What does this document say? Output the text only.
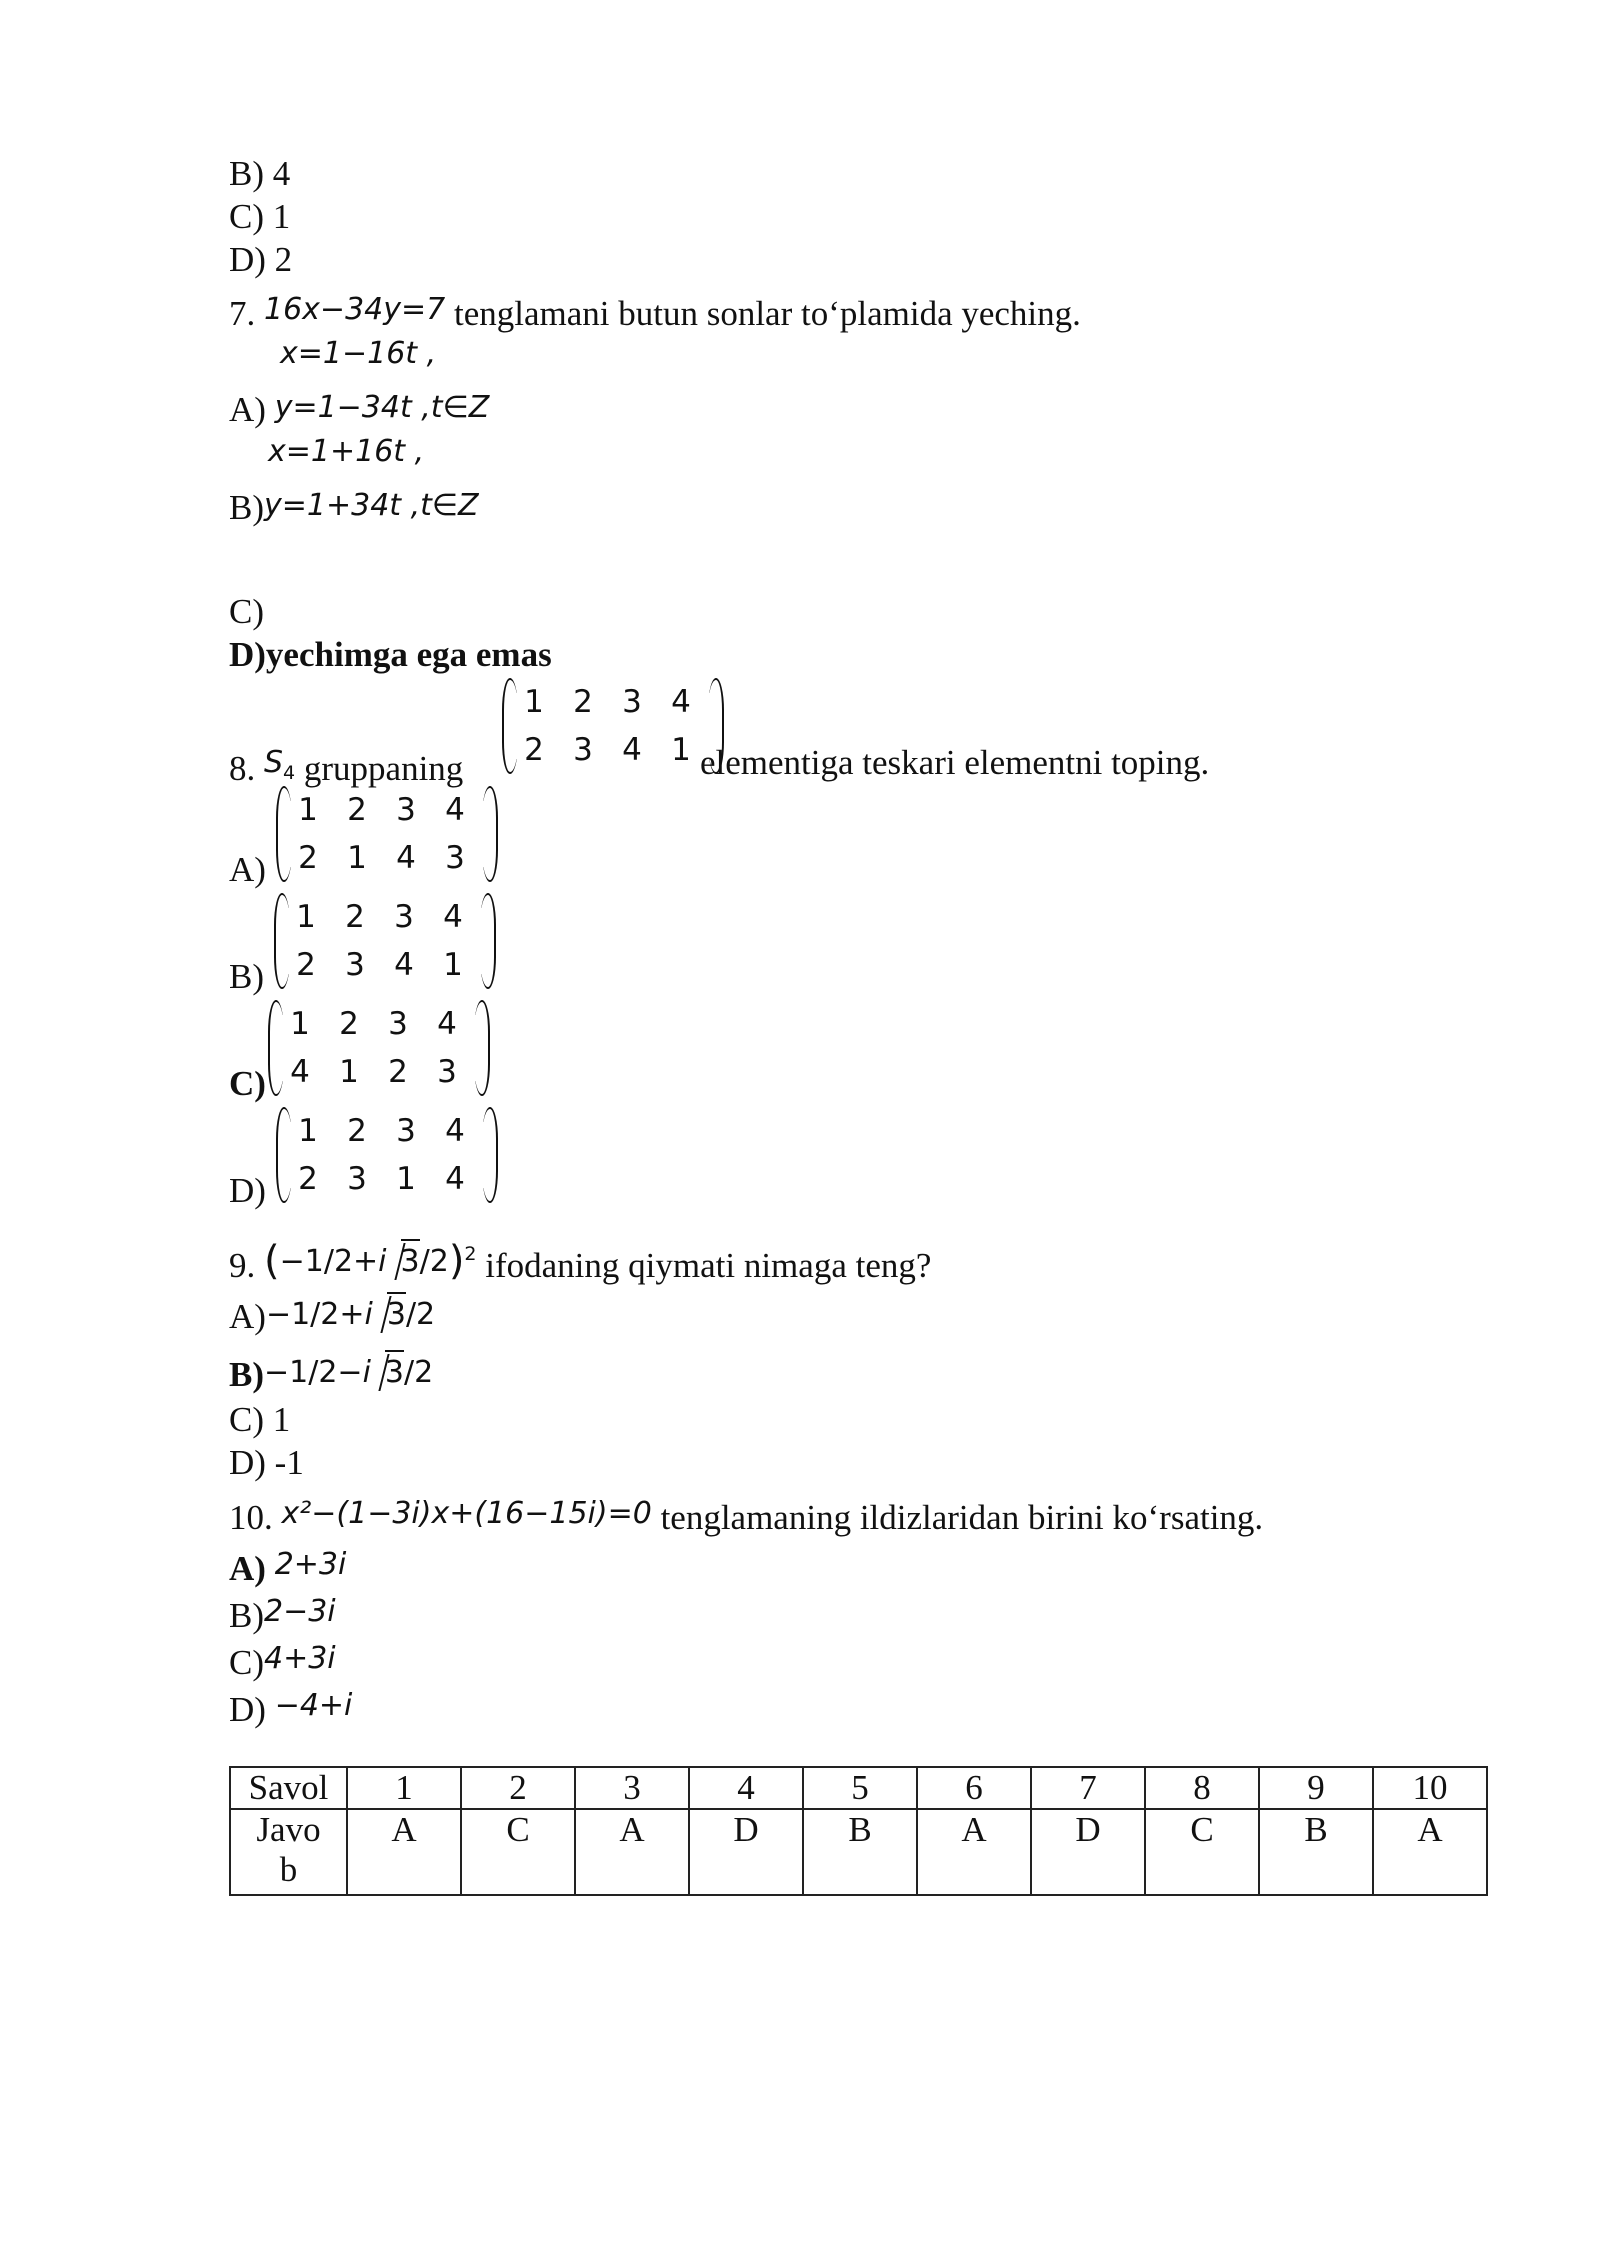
B) 4
C) 1
D) 2
7. 16x−34y=7 tenglamani butun sonlar to‘plamida yeching.
x=1−16t ,
A) y=1−34t ,t∈Z
x=1+16t ,
B)y=1+34t ,t∈Z
C)
D)yechimga ega emas
8. $S_4$ gruppaning
1 2 3 4
2 3 4 1 elementiga teskari elementni toping.
A)
1 2 3 4
2 1 4 3
B)
1 2 3 4
2 3 4 1
C)
1 2 3 4
4 1 2 3
D)
1 2 3 4
2 3 1 4
9. (−1/2+i 3/2)$^2$ ifodaning qiymati nimaga teng?
A)−1/2+i 3/2
B)−1/2−i 3/2
C) 1
D) -1
10. x²−(1−3i)x+(16−15i)=0 tenglamaning ildizlaridan birini ko‘rsating.
A) 2+3i
B)2−3i
C)4+3i
D) −4+i
Savol	1	2	3	4	5	6	7	8	9	10
Javo
b	A	C	A	D	B	A	D	C	B	A
